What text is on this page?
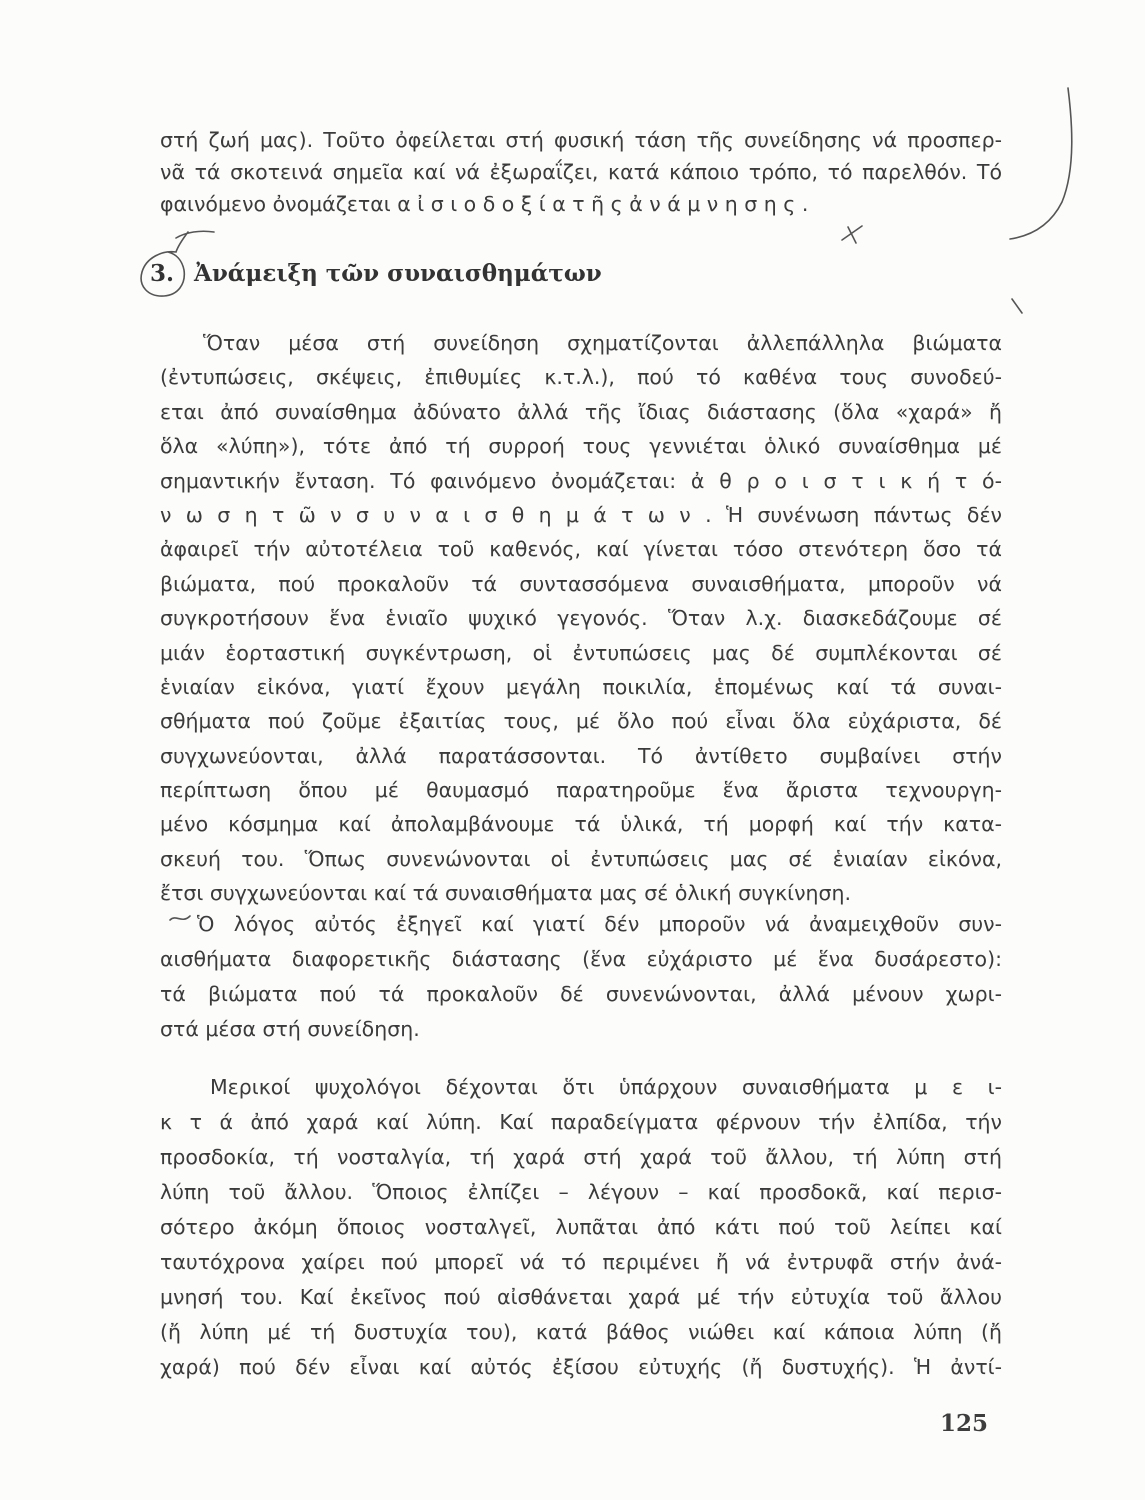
στή ζωή μας). Τοῦτο ὀφείλεται στή φυσική τάση τῆς συνείδησης νά προσπερ-
νᾶ τά σκοτεινά σημεῖα καί νά ἐξωραΐζει, κατά κάποιο τρόπο, τό παρελθόν. Τό
φαινόμενο ὀνομάζεται α ἰ σ ι ο δ ο ξ ί α τ ῆ ς ἀ ν ά μ ν η σ η ς .
3. Ἀνάμειξη τῶν συναισθημάτων
Ὅταν μέσα στή συνείδηση σχηματίζονται ἀλλεπάλληλα βιώματα
(ἐντυπώσεις, σκέψεις, ἐπιθυμίες κ.τ.λ.), πού τό καθένα τους συνοδεύ-
εται ἀπό συναίσθημα ἀδύνατο ἀλλά τῆς ἴδιας διάστασης (ὅλα «χαρά» ἤ
ὅλα «λύπη»), τότε ἀπό τή συρροή τους γεννιέται ὁλικό συναίσθημα μέ
σημαντικήν ἔνταση. Τό φαινόμενο ὀνομάζεται: ἀ θ ρ ο ι σ τ ι κ ή τ ό-
ν ω σ η τ ῶ ν σ υ ν α ι σ θ η μ ά τ ω ν . Ἡ συνένωση πάντως δέν
ἀφαιρεῖ τήν αὐτοτέλεια τοῦ καθενός, καί γίνεται τόσο στενότερη ὅσο τά
βιώματα, πού προκαλοῦν τά συντασσόμενα συναισθήματα, μποροῦν νά
συγκροτήσουν ἕνα ἑνιαῖο ψυχικό γεγονός. Ὅταν λ.χ. διασκεδάζουμε σέ
μιάν ἑορταστική συγκέντρωση, οἱ ἐντυπώσεις μας δέ συμπλέκονται σέ
ἑνιαίαν εἰκόνα, γιατί ἔχουν μεγάλη ποικιλία, ἑπομένως καί τά συναι-
σθήματα πού ζοῦμε ἐξαιτίας τους, μέ ὅλο πού εἶναι ὅλα εὐχάριστα, δέ
συγχωνεύονται, ἀλλά παρατάσσονται. Τό ἀντίθετο συμβαίνει στήν
περίπτωση ὅπου μέ θαυμασμό παρατηροῦμε ἕνα ἄριστα τεχνουργη-
μένο κόσμημα καί ἀπολαμβάνουμε τά ὑλικά, τή μορφή καί τήν κατα-
σκευή του. Ὅπως συνενώνονται οἱ ἐντυπώσεις μας σέ ἑνιαίαν εἰκόνα,
ἔτσι συγχωνεύονται καί τά συναισθήματα μας σέ ὁλική συγκίνηση.
Ὁ λόγος αὐτός ἐξηγεῖ καί γιατί δέν μποροῦν νά ἀναμειχθοῦν συν-
αισθήματα διαφορετικῆς διάστασης (ἕνα εὐχάριστο μέ ἕνα δυσάρεστο):
τά βιώματα πού τά προκαλοῦν δέ συνενώνονται, ἀλλά μένουν χωρι-
στά μέσα στή συνείδηση.
Μερικοί ψυχολόγοι δέχονται ὅτι ὑπάρχουν συναισθήματα μ ε ι-
κ τ ά ἀπό χαρά καί λύπη. Καί παραδείγματα φέρνουν τήν ἐλπίδα, τήν
προσδοκία, τή νοσταλγία, τή χαρά στή χαρά τοῦ ἄλλου, τή λύπη στή
λύπη τοῦ ἄλλου. Ὅποιος ἐλπίζει – λέγουν – καί προσδοκᾶ, καί περισ-
σότερο ἀκόμη ὅποιος νοσταλγεῖ, λυπᾶται ἀπό κάτι πού τοῦ λείπει καί
ταυτόχρονα χαίρει πού μπορεῖ νά τό περιμένει ἤ νά ἐντρυφᾶ στήν ἀνά-
μνησή του. Καί ἐκεῖνος πού αἰσθάνεται χαρά μέ τήν εὐτυχία τοῦ ἄλλου
(ἤ λύπη μέ τή δυστυχία του), κατά βάθος νιώθει καί κάποια λύπη (ἤ
χαρά) πού δέν εἶναι καί αὐτός ἐξίσου εὐτυχής (ἤ δυστυχής). Ἡ ἀντί-
125
